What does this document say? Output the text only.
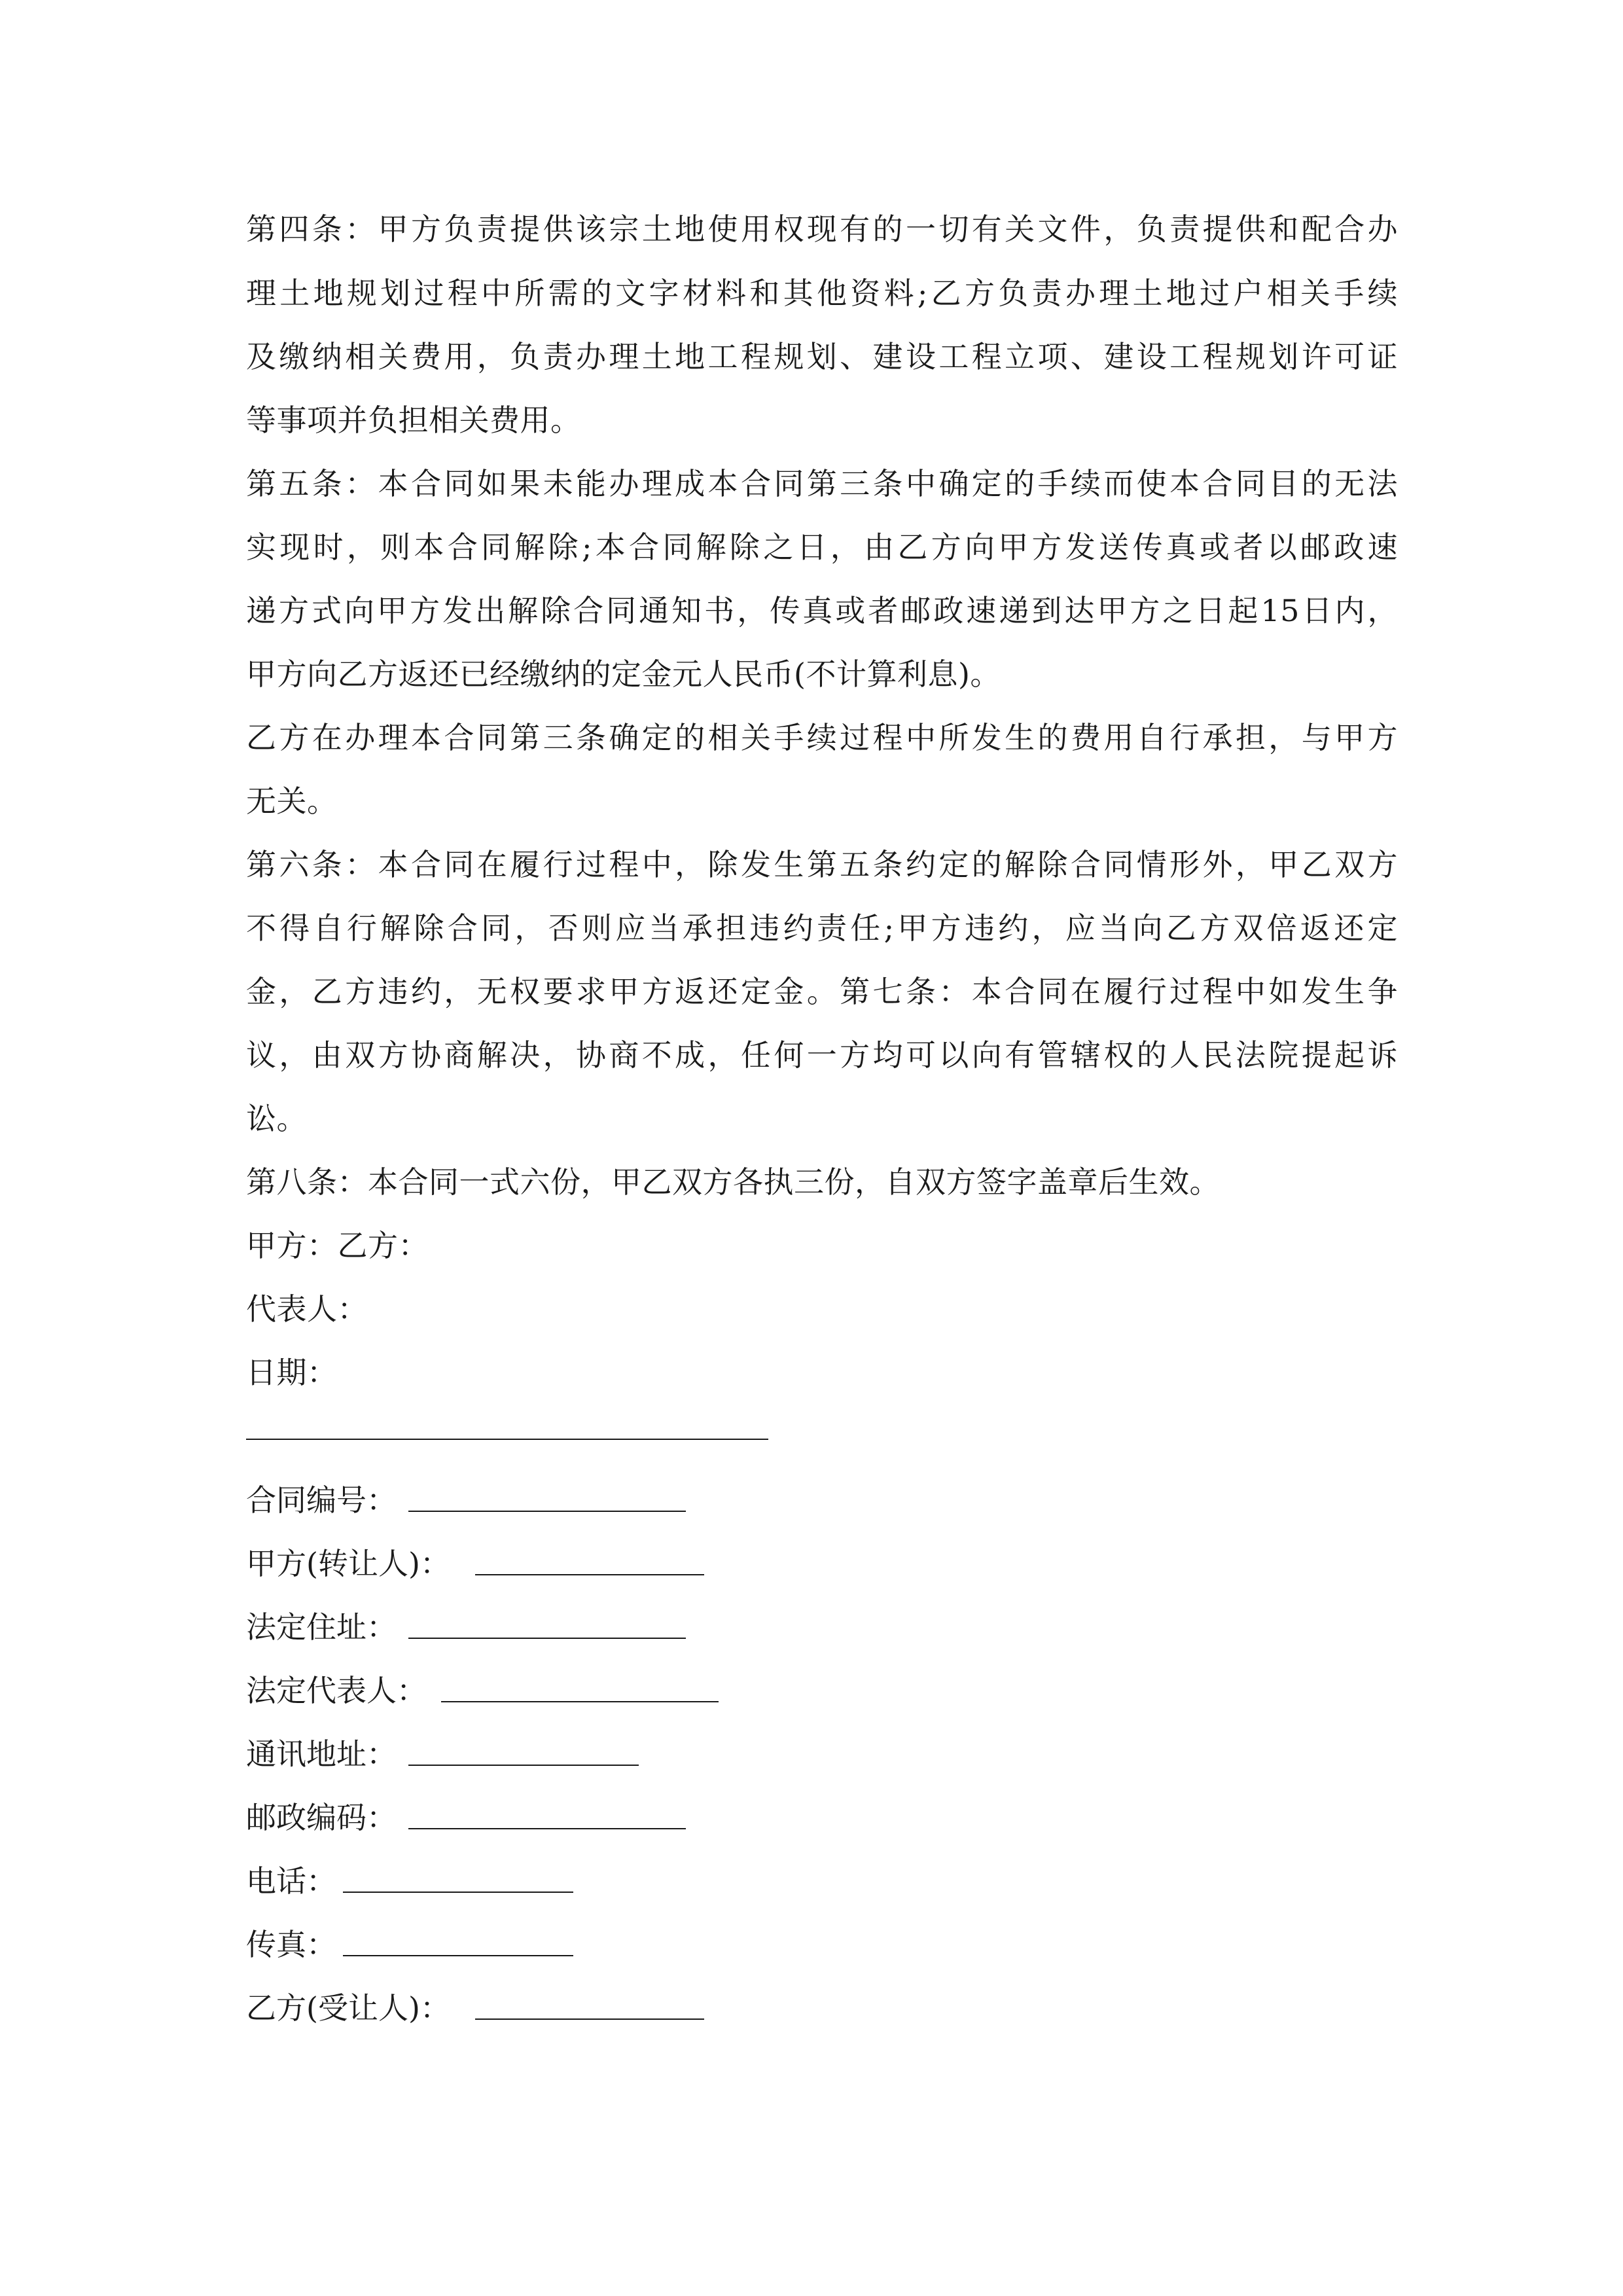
第四条：甲方负责提供该宗土地使用权现有的一切有关文件，负责提供和配合办
理土地规划过程中所需的文字材料和其他资料;乙方负责办理土地过户相关手续
及缴纳相关费用，负责办理土地工程规划、建设工程立项、建设工程规划许可证
等事项并负担相关费用。
第五条：本合同如果未能办理成本合同第三条中确定的手续而使本合同目的无法
实现时，则本合同解除;本合同解除之日，由乙方向甲方发送传真或者以邮政速
递方式向甲方发出解除合同通知书，传真或者邮政速递到达甲方之日起15日内，
甲方向乙方返还已经缴纳的定金元人民币(不计算利息)。
乙方在办理本合同第三条确定的相关手续过程中所发生的费用自行承担，与甲方
无关。
第六条：本合同在履行过程中，除发生第五条约定的解除合同情形外，甲乙双方
不得自行解除合同，否则应当承担违约责任;甲方违约，应当向乙方双倍返还定
金，乙方违约，无权要求甲方返还定金。第七条：本合同在履行过程中如发生争
议，由双方协商解决，协商不成，任何一方均可以向有管辖权的人民法院提起诉
讼。
第八条：本合同一式六份，甲乙双方各执三份，自双方签字盖章后生效。
甲方：乙方：
代表人：
日期：
合同编号：
甲方(转让人)：
法定住址：
法定代表人：
通讯地址：
邮政编码：
电话：
传真：
乙方(受让人)：
